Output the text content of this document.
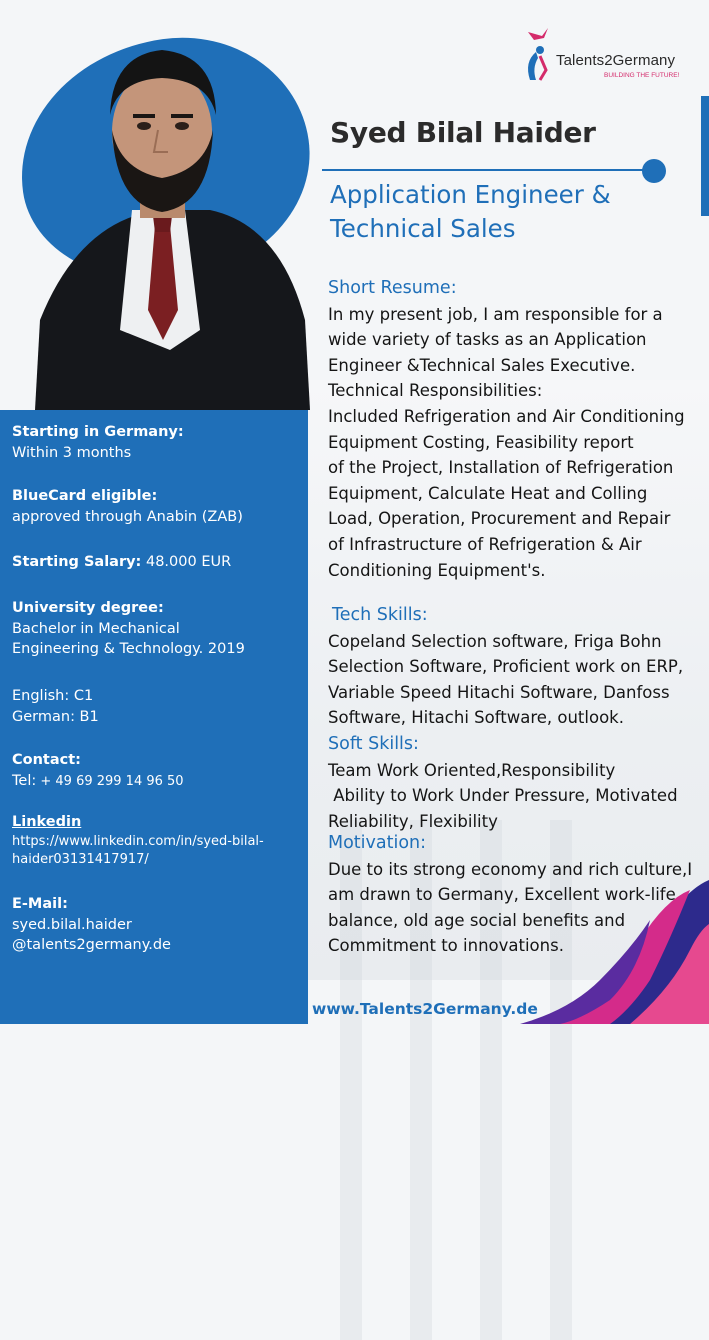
Talents2Germany
BUILDING THE FUTURE!
Syed Bilal Haider
Application Engineer &
Technical Sales
Short Resume:
In my present job, I am responsible for a
wide variety of tasks as an Application
Engineer &Technical Sales Executive.
Technical Responsibilities:
Included Refrigeration and Air Conditioning
Equipment Costing, Feasibility report
of the Project, Installation of Refrigeration
Equipment, Calculate Heat and Colling
Load, Operation, Procurement and Repair
of Infrastructure of Refrigeration & Air
Conditioning Equipment's.
Tech Skills:
Copeland Selection software, Friga Bohn
Selection Software, Proficient work on ERP,
Variable Speed Hitachi Software, Danfoss
Software, Hitachi Software, outlook.
Soft Skills:
Team Work Oriented,Responsibility
Ability to Work Under Pressure, Motivated
Reliability, Flexibility
Motivation:
Due to its strong economy and rich culture,I
am drawn to Germany, Excellent work-life
balance, old age social benefits and
Commitment to innovations.
Starting in Germany:
Within 3 months
BlueCard eligible:
approved through Anabin (ZAB)
Starting Salary: 48.000 EUR
University degree:
Bachelor in Mechanical
Engineering & Technology. 2019
English: C1
German: B1
Contact:
Tel: + 49 69 299 14 96 50
Linkedin
https://www.linkedin.com/in/syed-bilal-
haider03131417917/
E-Mail:
syed.bilal.haider
@talents2germany.de
www.Talents2Germany.de
